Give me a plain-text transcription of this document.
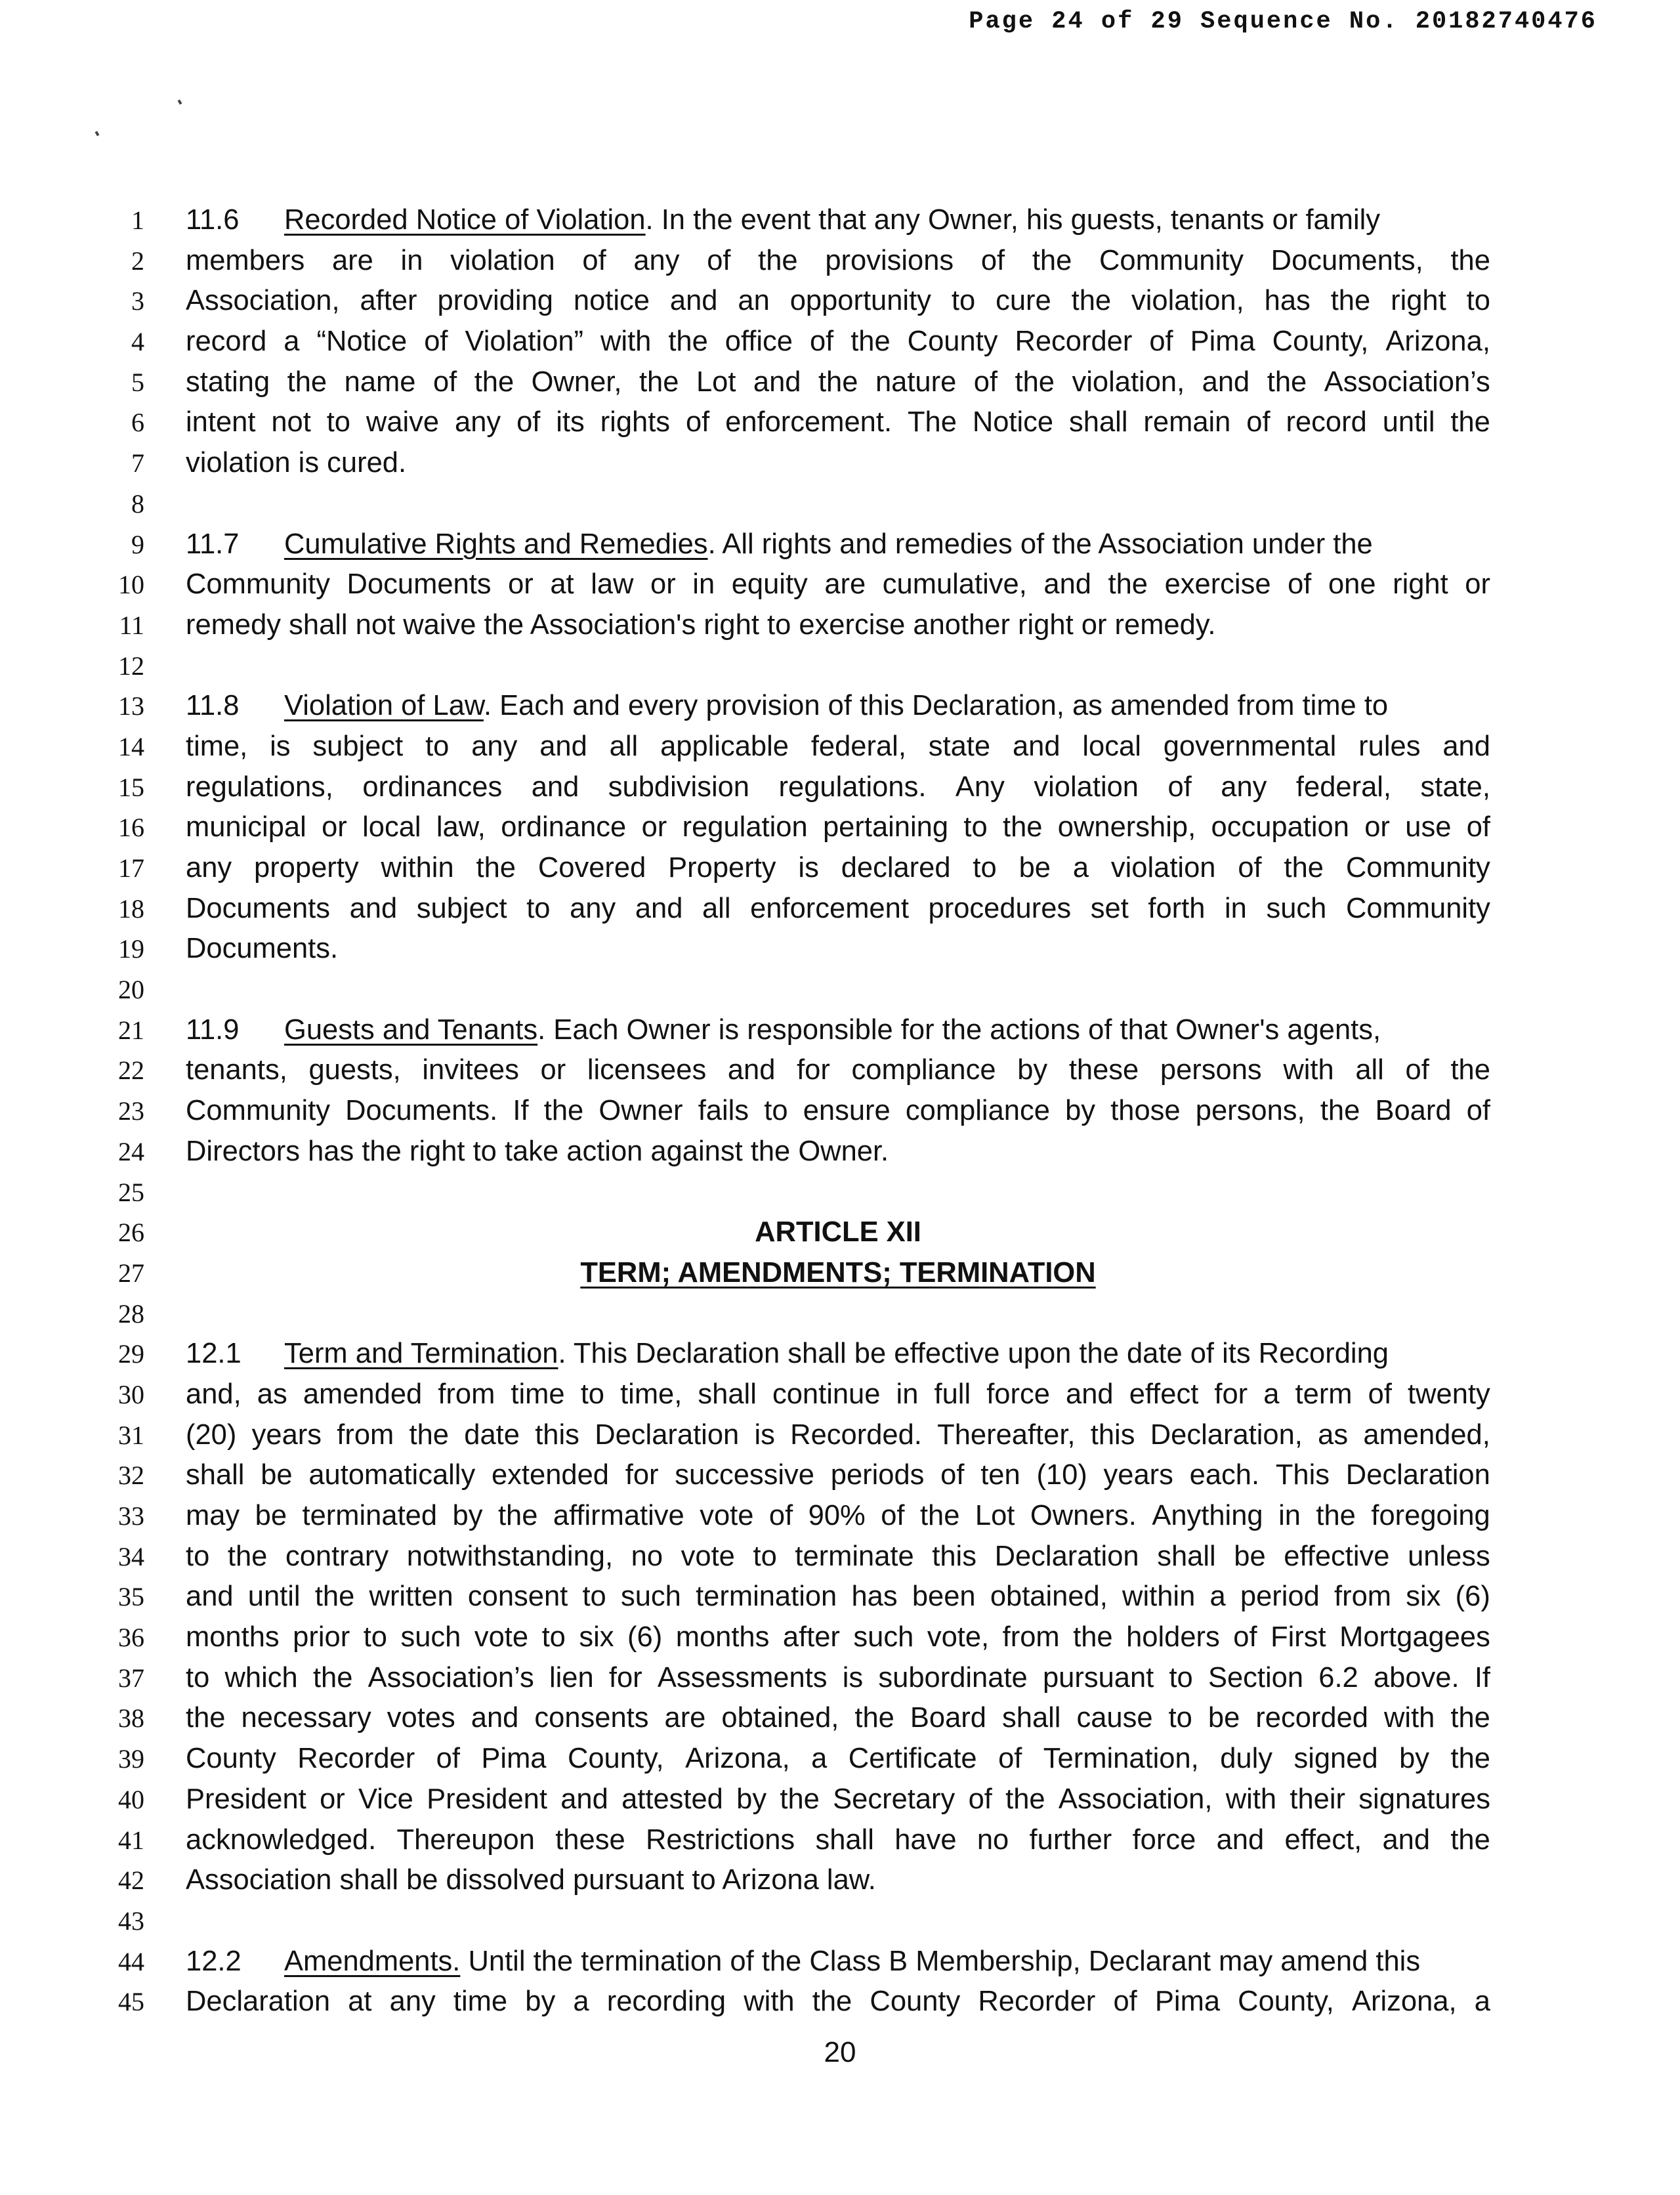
Page 24 of 29 Sequence No. 20182740476
1
2
3
4
5
6
7
8
9
10
11
12
13
14
15
16
17
18
19
20
21
22
23
24
25
26
27
28
29
30
31
32
33
34
35
36
37
38
39
40
41
42
43
44
45
11.6 Recorded Notice of Violation. In the event that any Owner, his guests, tenants or family
members are in violation of any of the provisions of the Community Documents, the
Association, after providing notice and an opportunity to cure the violation, has the right to
record a “Notice of Violation” with the office of the County Recorder of Pima County, Arizona,
stating the name of the Owner, the Lot and the nature of the violation, and the Association’s
intent not to waive any of its rights of enforcement. The Notice shall remain of record until the
violation is cured.
11.7 Cumulative Rights and Remedies. All rights and remedies of the Association under the
Community Documents or at law or in equity are cumulative, and the exercise of one right or
remedy shall not waive the Association's right to exercise another right or remedy.
11.8 Violation of Law. Each and every provision of this Declaration, as amended from time to
time, is subject to any and all applicable federal, state and local governmental rules and
regulations, ordinances and subdivision regulations. Any violation of any federal, state,
municipal or local law, ordinance or regulation pertaining to the ownership, occupation or use of
any property within the Covered Property is declared to be a violation of the Community
Documents and subject to any and all enforcement procedures set forth in such Community
Documents.
11.9 Guests and Tenants. Each Owner is responsible for the actions of that Owner's agents,
tenants, guests, invitees or licensees and for compliance by these persons with all of the
Community Documents. If the Owner fails to ensure compliance by those persons, the Board of
Directors has the right to take action against the Owner.
ARTICLE XII
TERM; AMENDMENTS; TERMINATION
12.1 Term and Termination. This Declaration shall be effective upon the date of its Recording
and, as amended from time to time, shall continue in full force and effect for a term of twenty
(20) years from the date this Declaration is Recorded. Thereafter, this Declaration, as amended,
shall be automatically extended for successive periods of ten (10) years each. This Declaration
may be terminated by the affirmative vote of 90% of the Lot Owners. Anything in the foregoing
to the contrary notwithstanding, no vote to terminate this Declaration shall be effective unless
and until the written consent to such termination has been obtained, within a period from six (6)
months prior to such vote to six (6) months after such vote, from the holders of First Mortgagees
to which the Association’s lien for Assessments is subordinate pursuant to Section 6.2 above. If
the necessary votes and consents are obtained, the Board shall cause to be recorded with the
County Recorder of Pima County, Arizona, a Certificate of Termination, duly signed by the
President or Vice President and attested by the Secretary of the Association, with their signatures
acknowledged. Thereupon these Restrictions shall have no further force and effect, and the
Association shall be dissolved pursuant to Arizona law.
12.2 Amendments. Until the termination of the Class B Membership, Declarant may amend this
Declaration at any time by a recording with the County Recorder of Pima County, Arizona, a
20
